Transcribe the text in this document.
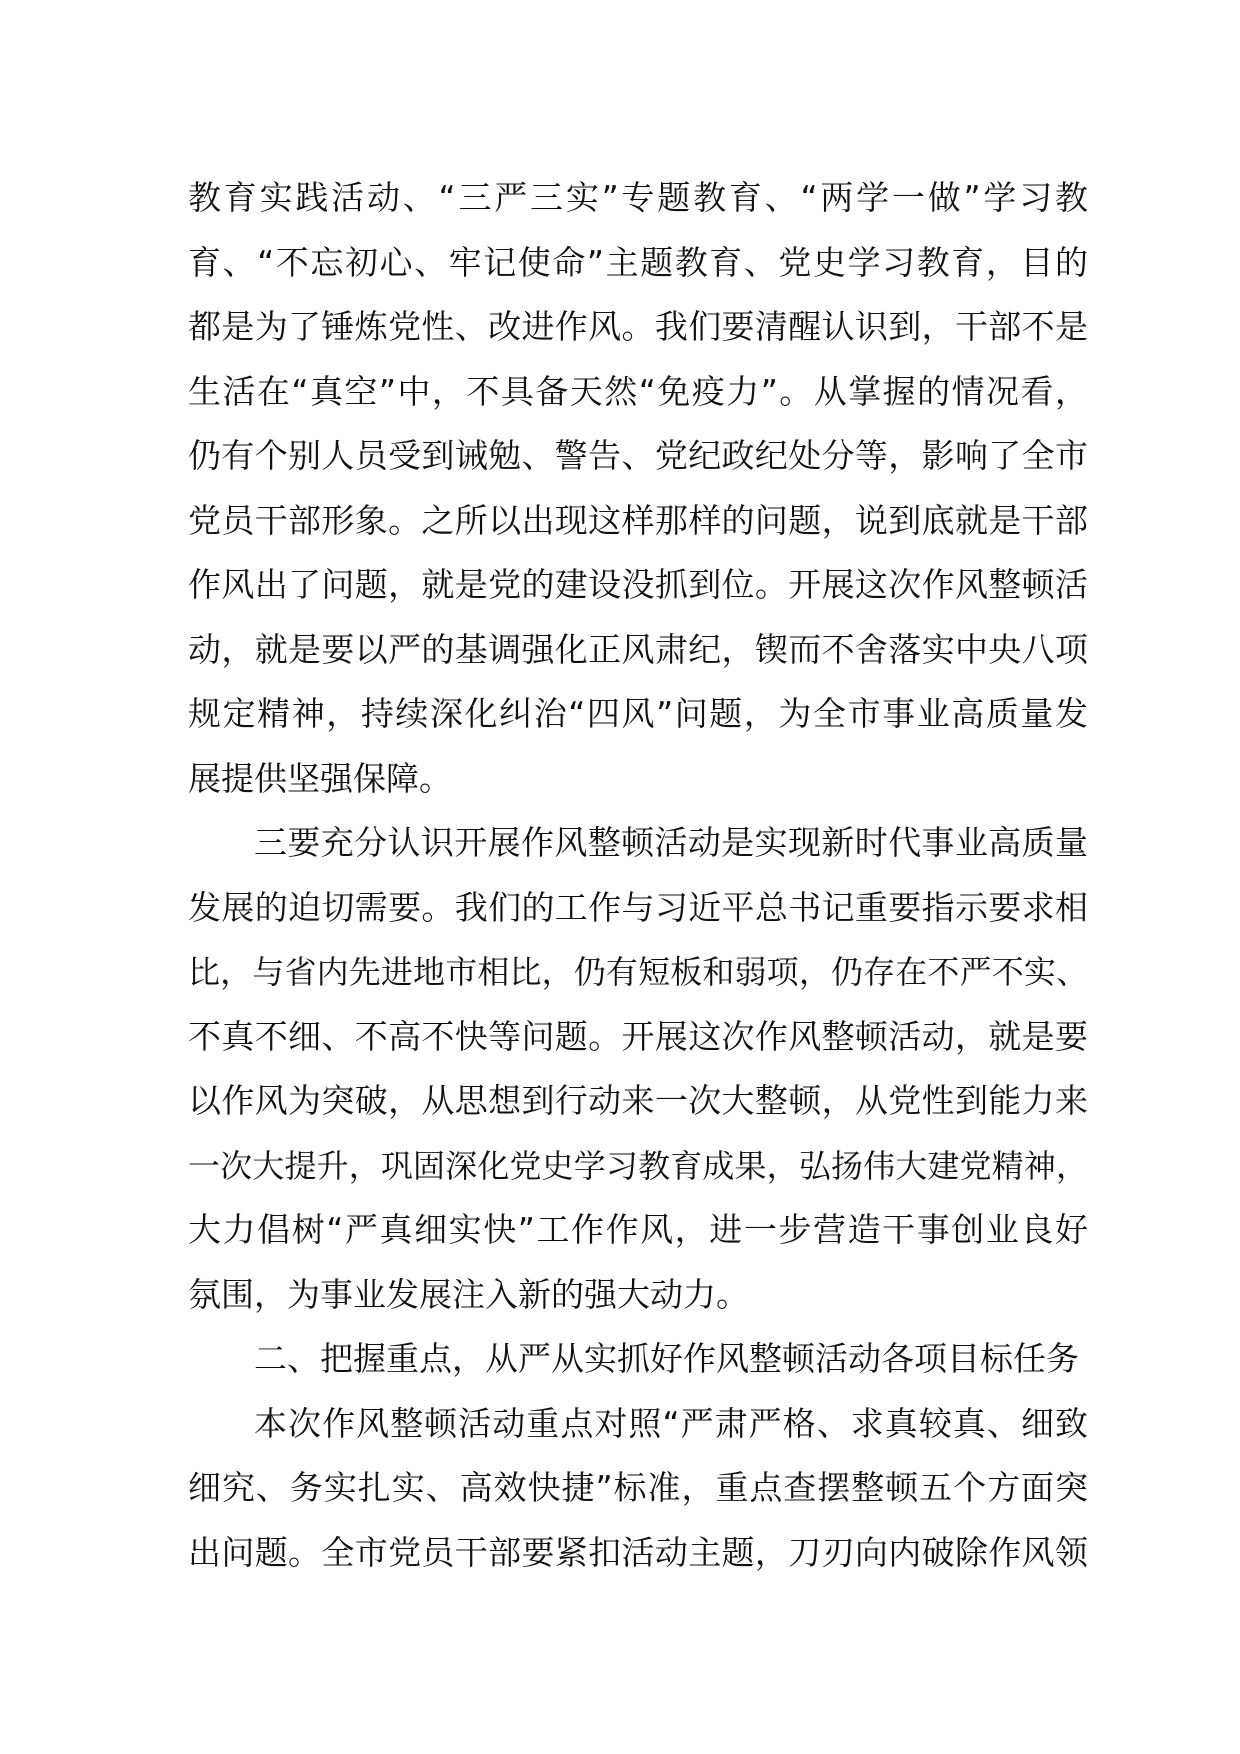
教育实践活动、“三严三实”专题教育、“两学一做”学习教
育、“不忘初心、牢记使命”主题教育、党史学习教育，目的
都是为了锤炼党性、改进作风。我们要清醒认识到，干部不是
生活在“真空”中，不具备天然“免疫力”。从掌握的情况看，
仍有个别人员受到诫勉、警告、党纪政纪处分等，影响了全市
党员干部形象。之所以出现这样那样的问题，说到底就是干部
作风出了问题，就是党的建设没抓到位。开展这次作风整顿活
动，就是要以严的基调强化正风肃纪，锲而不舍落实中央八项
规定精神，持续深化纠治“四风”问题，为全市事业高质量发
展提供坚强保障。
三要充分认识开展作风整顿活动是实现新时代事业高质量
发展的迫切需要。我们的工作与习近平总书记重要指示要求相
比，与省内先进地市相比，仍有短板和弱项，仍存在不严不实、
不真不细、不高不快等问题。开展这次作风整顿活动，就是要
以作风为突破，从思想到行动来一次大整顿，从党性到能力来
一次大提升，巩固深化党史学习教育成果，弘扬伟大建党精神，
大力倡树“严真细实快”工作作风，进一步营造干事创业良好
氛围，为事业发展注入新的强大动力。
二、把握重点，从严从实抓好作风整顿活动各项目标任务
本次作风整顿活动重点对照“严肃严格、求真较真、细致
细究、务实扎实、高效快捷”标准，重点查摆整顿五个方面突
出问题。全市党员干部要紧扣活动主题，刀刃向内破除作风领
